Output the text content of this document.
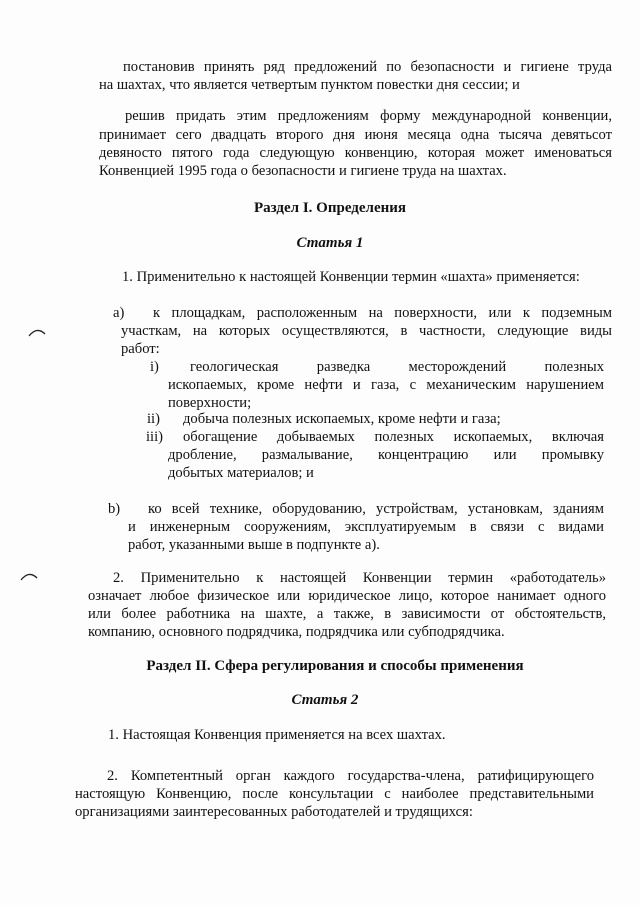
постановив принять ряд предложений по безопасности и гигиене труда
на шахтах, что является четвертым пунктом повестки дня сессии; и
решив придать этим предложениям форму международной конвенции,
принимает сего двадцать второго дня июня месяца одна тысяча девятьсот
девяносто пятого года следующую конвенцию, которая может именоваться
Конвенцией 1995 года о безопасности и гигиене труда на шахтах.
Раздел I. Определения
Статья 1
1. Применительно к настоящей Конвенции термин «шахта» применяется:
a) к площадкам, расположенным на поверхности, или к подземным
участкам, на которых осуществляются, в частности, следующие виды
работ:
i) геологическая разведка месторождений полезных
ископаемых, кроме нефти и газа, с механическим нарушением
поверхности;
ii) добыча полезных ископаемых, кроме нефти и газа;
iii) обогащение добываемых полезных ископаемых, включая
дробление, размалывание, концентрацию или промывку
добытых материалов; и
b) ко всей технике, оборудованию, устройствам, установкам, зданиям
и инженерным сооружениям, эксплуатируемым в связи с видами
работ, указанными выше в подпункте а).
2. Применительно к настоящей Конвенции термин «работодатель»
означает любое физическое или юридическое лицо, которое нанимает одного
или более работника на шахте, а также, в зависимости от обстоятельств,
компанию, основного подрядчика, подрядчика или субподрядчика.
Раздел II. Сфера регулирования и способы применения
Статья 2
1. Настоящая Конвенция применяется на всех шахтах.
2. Компетентный орган каждого государства-члена, ратифицирующего
настоящую Конвенцию, после консультации с наиболее представительными
организациями заинтересованных работодателей и трудящихся:
